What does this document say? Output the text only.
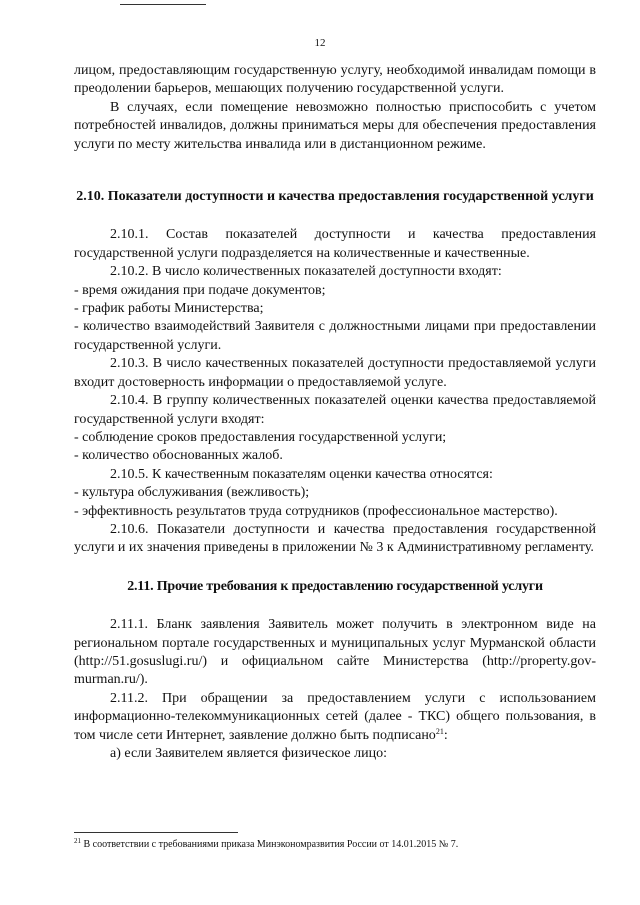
12

лицом, предоставляющим государственную услугу, необходимой инвалидам помощи в преодолении барьеров, мешающих получению государственной услуги.

В случаях, если помещение невозможно полностью приспособить с учетом потребностей инвалидов, должны приниматься меры для обеспечения предоставления услуги по месту жительства инвалида или в дистанционном режиме.

2.10. Показатели доступности и качества предоставления государственной услуги

2.10.1. Состав показателей доступности и качества предоставления государственной услуги подразделяется на количественные и качественные.

2.10.2. В число количественных показателей доступности входят:

- время ожидания при подаче документов;

- график работы Министерства;

- количество взаимодействий Заявителя с должностными лицами при предоставлении государственной услуги.

2.10.3. В число качественных показателей доступности предоставляемой услуги входит достоверность информации о предоставляемой услуге.

2.10.4. В группу количественных показателей оценки качества предоставляемой государственной услуги входят:

- соблюдение сроков предоставления государственной услуги;

- количество обоснованных жалоб.

2.10.5. К качественным показателям оценки качества относятся:

- культура обслуживания (вежливость);

- эффективность результатов труда сотрудников (профессиональное мастерство).

2.10.6. Показатели доступности и качества предоставления государственной услуги и их значения приведены в приложении № 3 к Административному регламенту.

2.11. Прочие требования к предоставлению государственной услуги

2.11.1. Бланк заявления Заявитель может получить в электронном виде на региональном портале государственных и муниципальных услуг Мурманской области (http://51.gosuslugi.ru/) и официальном сайте Министерства (http://property.gov-murman.ru/).

2.11.2. При обращении за предоставлением услуги с использованием информационно-телекоммуникационных сетей (далее - ТКС) общего пользования, в том числе сети Интернет, заявление должно быть подписано$^{21}$:

а) если Заявителем является физическое лицо:

$^{21}$ В соответствии с требованиями приказа Минэкономразвития России от 14.01.2015 № 7.
